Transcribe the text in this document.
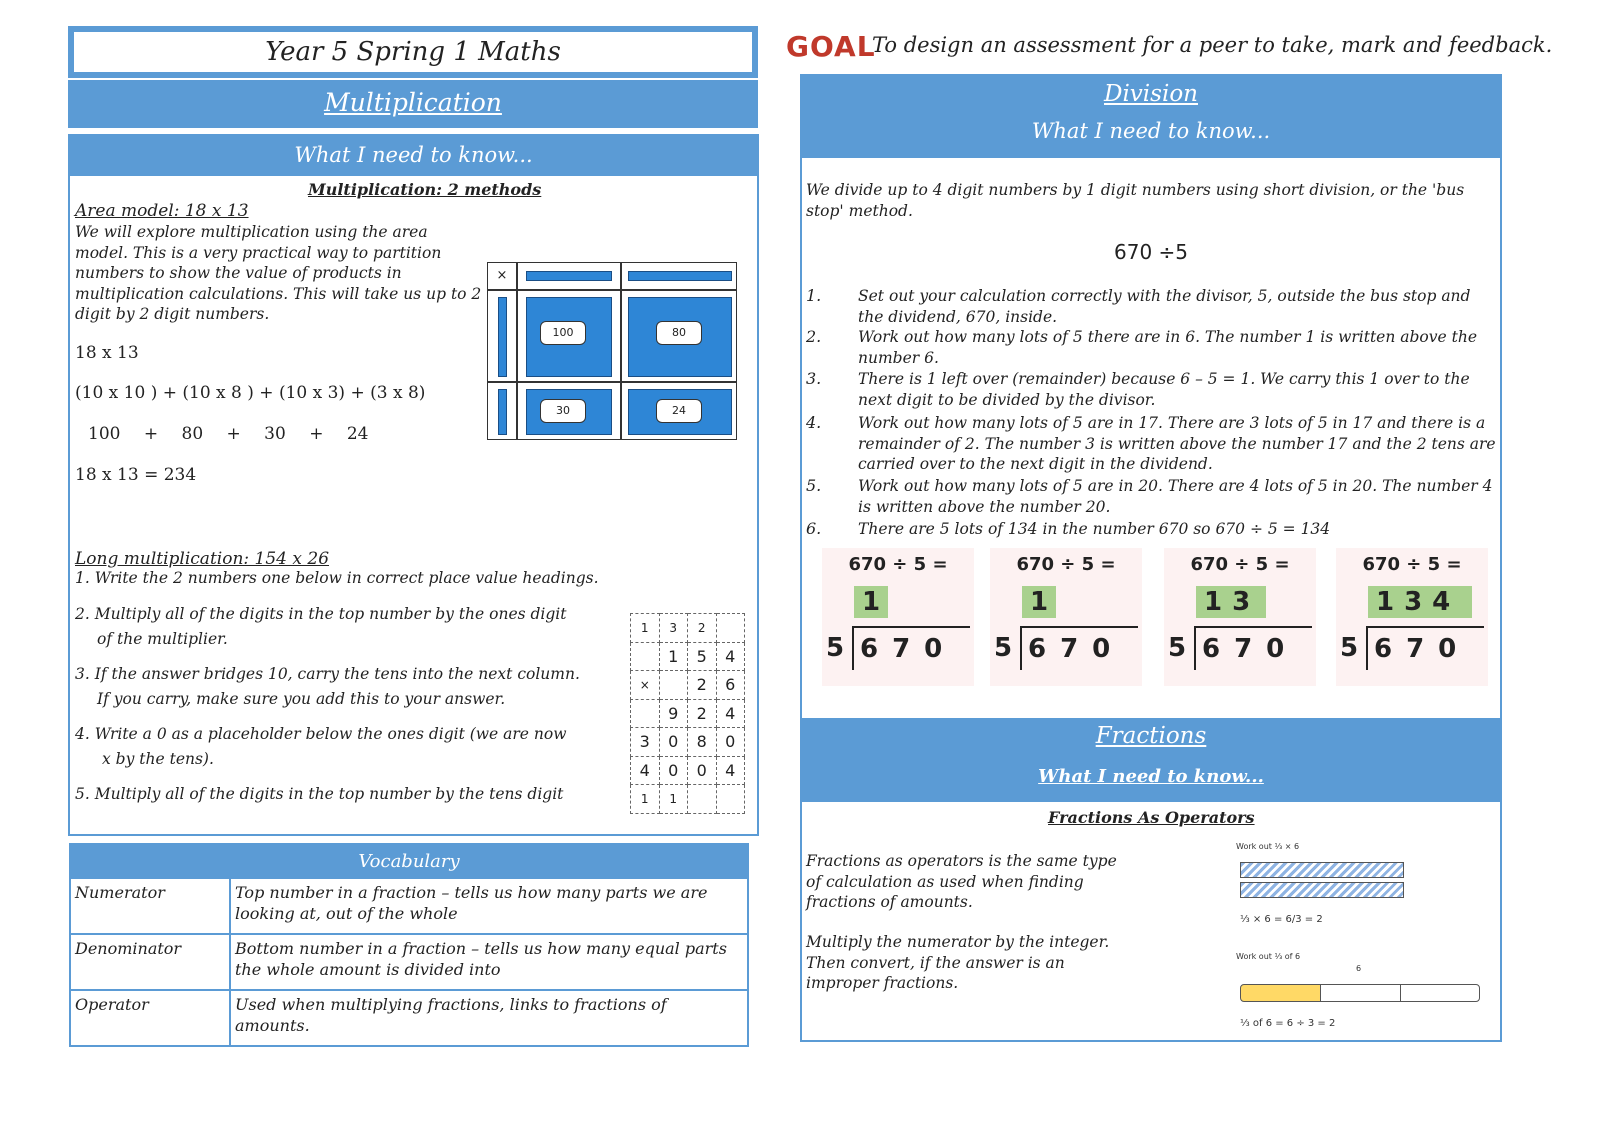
Year 5 Spring 1 Maths	GOAL
To design an assessment for a peer to take, mark and feedback.
Multiplication
What I need to know...
Multiplication: 2 methods
Area model: 18 x 13
We will explore multiplication using the area model. This is a very practical way to partition numbers to show the value of products in multiplication calculations. This will take us up to 2 digit by 2 digit numbers.
18 x 13
(10 x 10 ) + (10 x 8 ) + (10 x 3) + (3 x 8)
100 + 80 + 30 + 24
18 x 13 = 234
×
100	80
30	24
Long multiplication: 154 x 26
1. Write the 2 numbers one below in correct place value headings.
2. Multiply all of the digits in the top number by the ones digit
of the multiplier.
3. If the answer bridges 10, carry the tens into the next column.
If you carry, make sure you add this to your answer.
4. Write a 0 as a placeholder below the ones digit (we are now
x by the tens).
5. Multiply all of the digits in the top number by the tens digit
1	3	2	
	1	5	4
×		2	6
	9	2	4
3	0	8	0
4	0	0	4
1	1		
Vocabulary	
Numerator	Top number in a fraction – tells us how many parts we are looking at, out of the whole
Denominator	Bottom number in a fraction – tells us how many equal parts the whole amount is divided into
Operator	Used when multiplying fractions, links to fractions of amounts.
Division
What I need to know...
We divide up to 4 digit numbers by 1 digit numbers using short division, or the 'bus stop' method.
670 ÷5
1. Set out your calculation correctly with the divisor, 5, outside the bus stop and the dividend, 670, inside.
2. Work out how many lots of 5 there are in 6. The number 1 is written above the number 6.
3. There is 1 left over (remainder) because 6 – 5 = 1. We carry this 1 over to the next digit to be divided by the divisor.
4. Work out how many lots of 5 are in 17. There are 3 lots of 5 in 17 and there is a remainder of 2. The number 3 is written above the number 17 and the 2 tens are carried over to the next digit in the dividend.
5. Work out how many lots of 5 are in 20. There are 4 lots of 5 in 20. The number 4 is written above the number 20.
6. There are 5 lots of 134 in the number 670 so 670 ÷ 5 = 134
670 ÷ 5 =
1
5 670
670 ÷ 5 =
1
5 670
670 ÷ 5 =
13
5 670
670 ÷ 5 =
134
5 670
Fractions
What I need to know...
Fractions As Operators
Fractions as operators is the same type of calculation as used when finding fractions of amounts.
Multiply the numerator by the integer. Then convert, if the answer is an improper fractions.
Work out ⅓ × 6
⅓ × 6 = 6/3 = 2
Work out ⅓ of 6
6
⅓ of 6 = 6 ÷ 3 = 2
